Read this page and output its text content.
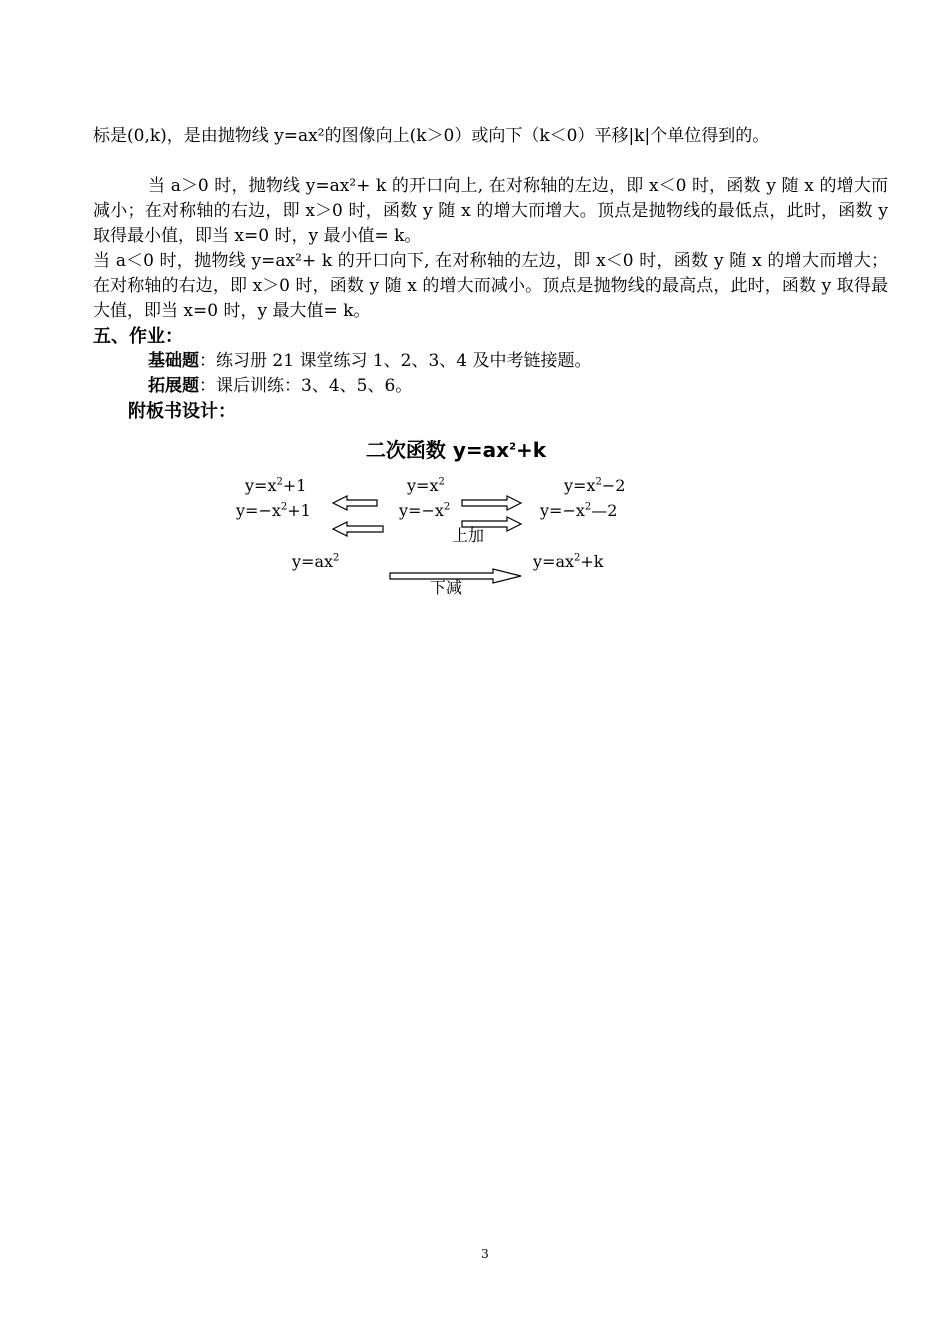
标是(0,k)，是由抛物线 y=ax²的图像向上(k＞0）或向下（k＜0）平移|k|个单位得到的。

当 a＞0 时，抛物线 y=ax²+ k 的开口向上, 在对称轴的左边，即 x＜0 时，函数 y 随 x 的增大而减小；在对称轴的右边，即 x＞0 时，函数 y 随 x 的增大而增大。顶点是抛物线的最低点，此时，函数 y 取得最小值，即当 x=0 时，y 最小值= k。

当 a＜0 时，抛物线 y=ax²+ k 的开口向下, 在对称轴的左边，即 x＜0 时，函数 y 随 x 的增大而增大；在对称轴的右边，即 x＞0 时，函数 y 随 x 的增大而减小。顶点是抛物线的最高点，此时，函数 y 取得最大值，即当 x=0 时，y 最大值= k。

五、作业：
基础题：练习册 21 课堂练习 1、2、3、4 及中考链接题。
拓展题：课后训练：3、4、5、6。
附板书设计：
二次函数 $y=ax^2+k$
$y=x^2+1$	$y=x^2$	$y=x^2-2$
$y=-x^2+1$	$y=-x^2$	$y=-x^2—2$
上加
$y=ax^2$	$y=ax^2+k$
下减
3
